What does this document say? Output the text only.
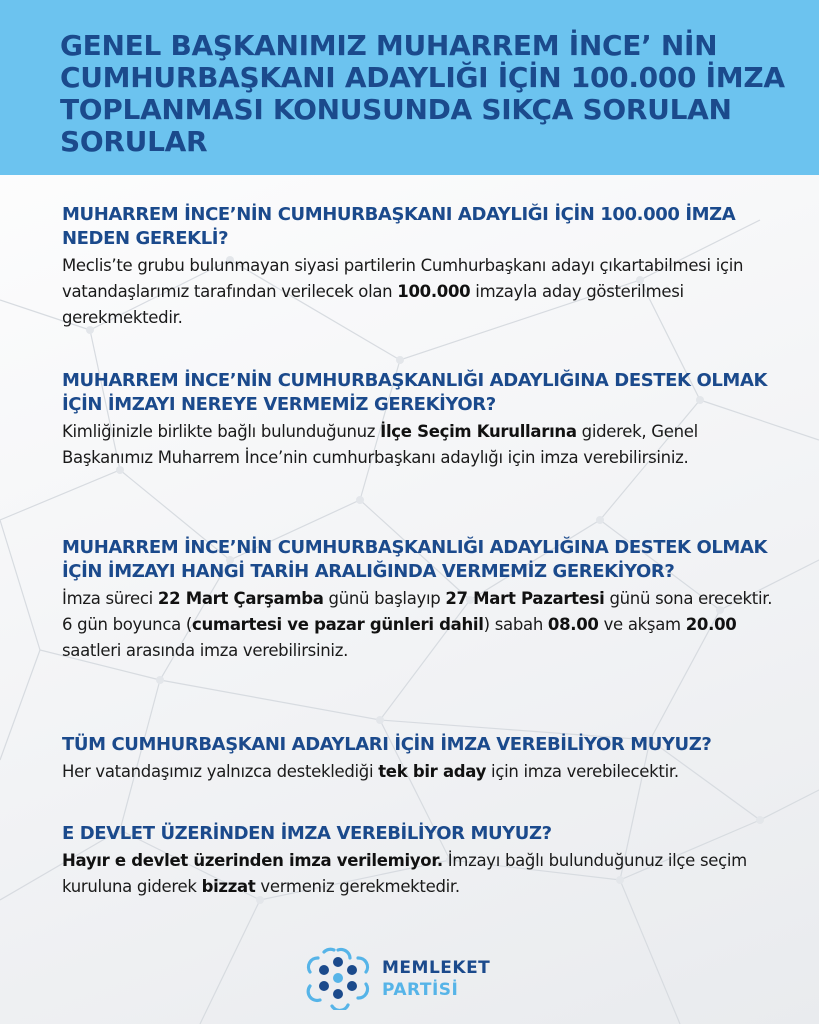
GENEL BAŞKANIMIZ MUHARREM İNCE’ NİN CUMHURBAŞKANI ADAYLIĞI İÇİN 100.000 İMZA TOPLANMASI KONUSUNDA SIKÇA SORULAN SORULAR
MUHARREM İNCE’NİN CUMHURBAŞKANI ADAYLIĞI İÇİN 100.000 İMZA NEDEN GEREKLİ?

Meclis’te grubu bulunmayan siyasi partilerin Cumhurbaşkanı adayı çıkartabilmesi için vatandaşlarımız tarafından verilecek olan 100.000 imzayla aday gösterilmesi gerekmektedir.

MUHARREM İNCE’NİN CUMHURBAŞKANLIĞI ADAYLIĞINA DESTEK OLMAK İÇİN İMZAYI NEREYE VERMEMİZ GEREKİYOR?

Kimliğinizle birlikte bağlı bulunduğunuz İlçe Seçim Kurullarına giderek, Genel Başkanımız Muharrem İnce’nin cumhurbaşkanı adaylığı için imza verebilirsiniz.

MUHARREM İNCE’NİN CUMHURBAŞKANLIĞI ADAYLIĞINA DESTEK OLMAK İÇİN İMZAYI HANGİ TARİH ARALIĞINDA VERMEMİZ GEREKİYOR?

İmza süreci 22 Mart Çarşamba günü başlayıp 27 Mart Pazartesi günü sona erecektir. 6 gün boyunca (cumartesi ve pazar günleri dahil) sabah 08.00 ve akşam 20.00 saatleri arasında imza verebilirsiniz.

TÜM CUMHURBAŞKANI ADAYLARI İÇİN İMZA VEREBİLİYOR MUYUZ?

Her vatandaşımız yalnızca desteklediği tek bir aday için imza verebilecektir.

E DEVLET ÜZERİNDEN İMZA VEREBİLİYOR MUYUZ?

Hayır e devlet üzerinden imza verilemiyor. İmzayı bağlı bulunduğunuz ilçe seçim kuruluna giderek bizzat vermeniz gerekmektedir.

MEMLEKET
PARTİSİ
